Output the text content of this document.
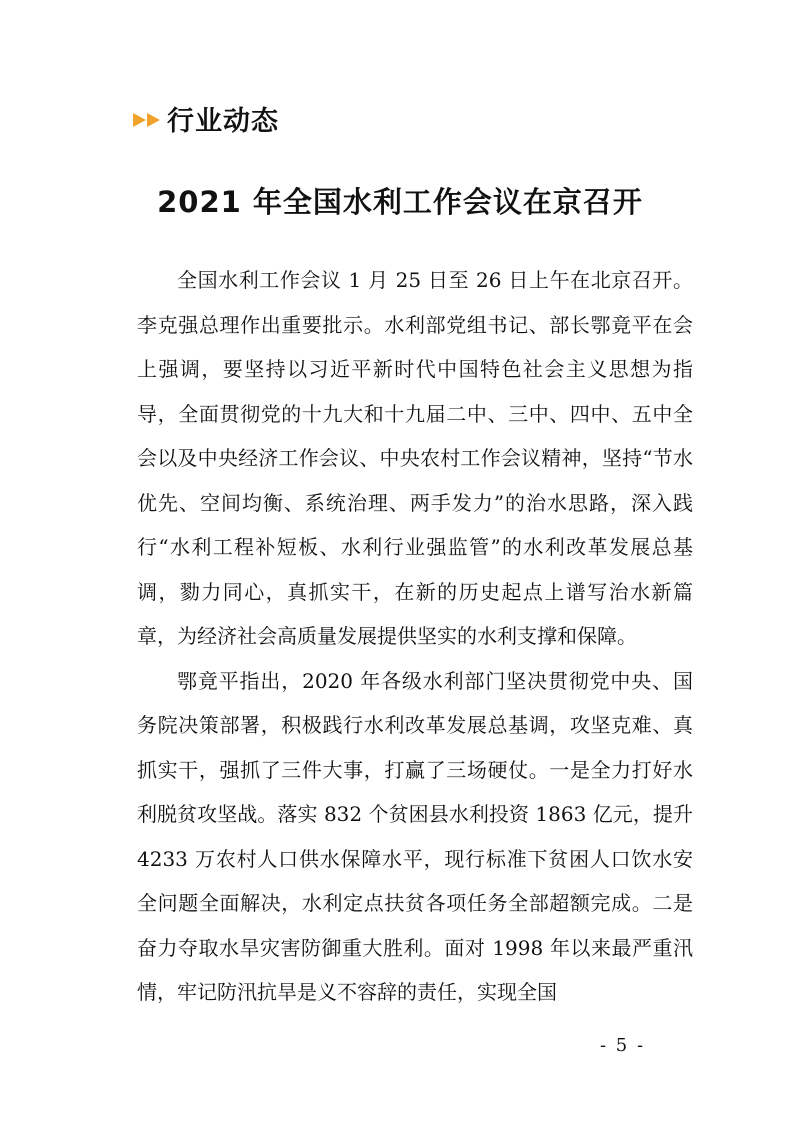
行业动态
2021 年全国水利工作会议在京召开

全国水利工作会议 1 月 25 日至 26 日上午在北京召开。李克强总理作出重要批示。水利部党组书记、部长鄂竟平在会上强调，要坚持以习近平新时代中国特色社会主义思想为指导，全面贯彻党的十九大和十九届二中、三中、四中、五中全会以及中央经济工作会议、中央农村工作会议精神，坚持“节水优先、空间均衡、系统治理、两手发力”的治水思路，深入践行“水利工程补短板、水利行业强监管”的水利改革发展总基调，勠力同心，真抓实干，在新的历史起点上谱写治水新篇章，为经济社会高质量发展提供坚实的水利支撑和保障。

鄂竟平指出，2020 年各级水利部门坚决贯彻党中央、国务院决策部署，积极践行水利改革发展总基调，攻坚克难、真抓实干，强抓了三件大事，打赢了三场硬仗。一是全力打好水利脱贫攻坚战。落实 832 个贫困县水利投资 1863 亿元，提升 4233 万农村人口供水保障水平，现行标准下贫困人口饮水安全问题全面解决，水利定点扶贫各项任务全部超额完成。二是奋力夺取水旱灾害防御重大胜利。面对 1998 年以来最严重汛情，牢记防汛抗旱是义不容辞的责任，实现全国

- 5 -
